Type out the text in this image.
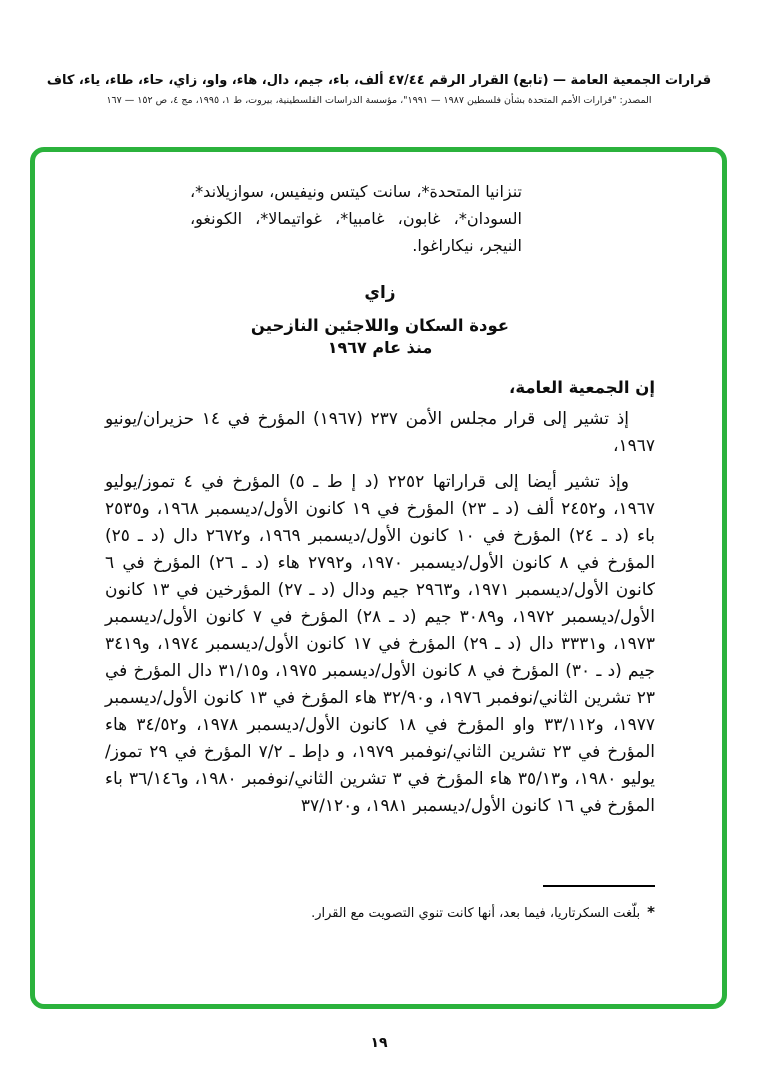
قرارات الجمعية العامة — (تابع) القرار الرقم ٤٧/٤٤ ألف، باء، جيم، دال، هاء، واو، زاي، حاء، طاء، ياء، كاف
المصدر: "قرارات الأمم المتحدة بشأن فلسطين ١٩٨٧ — ١٩٩١"، مؤسسة الدراسات الفلسطينية، بيروت، ط ١، ١٩٩٥، مج ٤، ص ١٥٢ — ١٦٧

تنزانيا المتحدة*، سانت كيتس ونيفيس، سوازيلاند*، السودان*، غابون، غامبيا*، غواتيمالا*، الكونغو، النيجر، نيكاراغوا.

زاي
عودة السكان واللاجئين النازحين
منذ عام ١٩٦٧

إن الجمعية العامة،

إذ تشير إلى قرار مجلس الأمن ٢٣٧ (١٩٦٧) المؤرخ في ١٤ حزيران/يونيو ١٩٦٧،

وإذ تشير أيضا إلى قراراتها ٢٢٥٢ (د إ ط ـ ٥) المؤرخ في ٤ تموز/يوليو ١٩٦٧، و٢٤٥٢ ألف (د ـ ٢٣) المؤرخ في ١٩ كانون الأول/ديسمبر ١٩٦٨، و٢٥٣٥ باء (د ـ ٢٤) المؤرخ في ١٠ كانون الأول/ديسمبر ١٩٦٩، و٢٦٧٢ دال (د ـ ٢٥) المؤرخ في ٨ كانون الأول/ديسمبر ١٩٧٠، و٢٧٩٢ هاء (د ـ ٢٦) المؤرخ في ٦ كانون الأول/ديسمبر ١٩٧١، و٢٩٦٣ جيم ودال (د ـ ٢٧) المؤرخين في ١٣ كانون الأول/ديسمبر ١٩٧٢، و٣٠٨٩ جيم (د ـ ٢٨) المؤرخ في ٧ كانون الأول/ديسمبر ١٩٧٣، و٣٣٣١ دال (د ـ ٢٩) المؤرخ في ١٧ كانون الأول/ديسمبر ١٩٧٤، و٣٤١٩ جيم (د ـ ٣٠) المؤرخ في ٨ كانون الأول/ديسمبر ١٩٧٥، و٣١/١٥ دال المؤرخ في ٢٣ تشرين الثاني/نوفمبر ١٩٧٦، و٣٢/٩٠ هاء المؤرخ في ١٣ كانون الأول/ديسمبر ١٩٧٧، و٣٣/١١٢ واو المؤرخ في ١٨ كانون الأول/ديسمبر ١٩٧٨، و٣٤/٥٢ هاء المؤرخ في ٢٣ تشرين الثاني/نوفمبر ١٩٧٩، و دإط ـ ٧/٢ المؤرخ في ٢٩ تموز/يوليو ١٩٨٠، و٣٥/١٣ هاء المؤرخ في ٣ تشرين الثاني/نوفمبر ١٩٨٠، و٣٦/١٤٦ باء المؤرخ في ١٦ كانون الأول/ديسمبر ١٩٨١، و٣٧/١٢٠

*بلّغت السكرتاريا، فيما بعد، أنها كانت تنوي التصويت مع القرار.

١٩
